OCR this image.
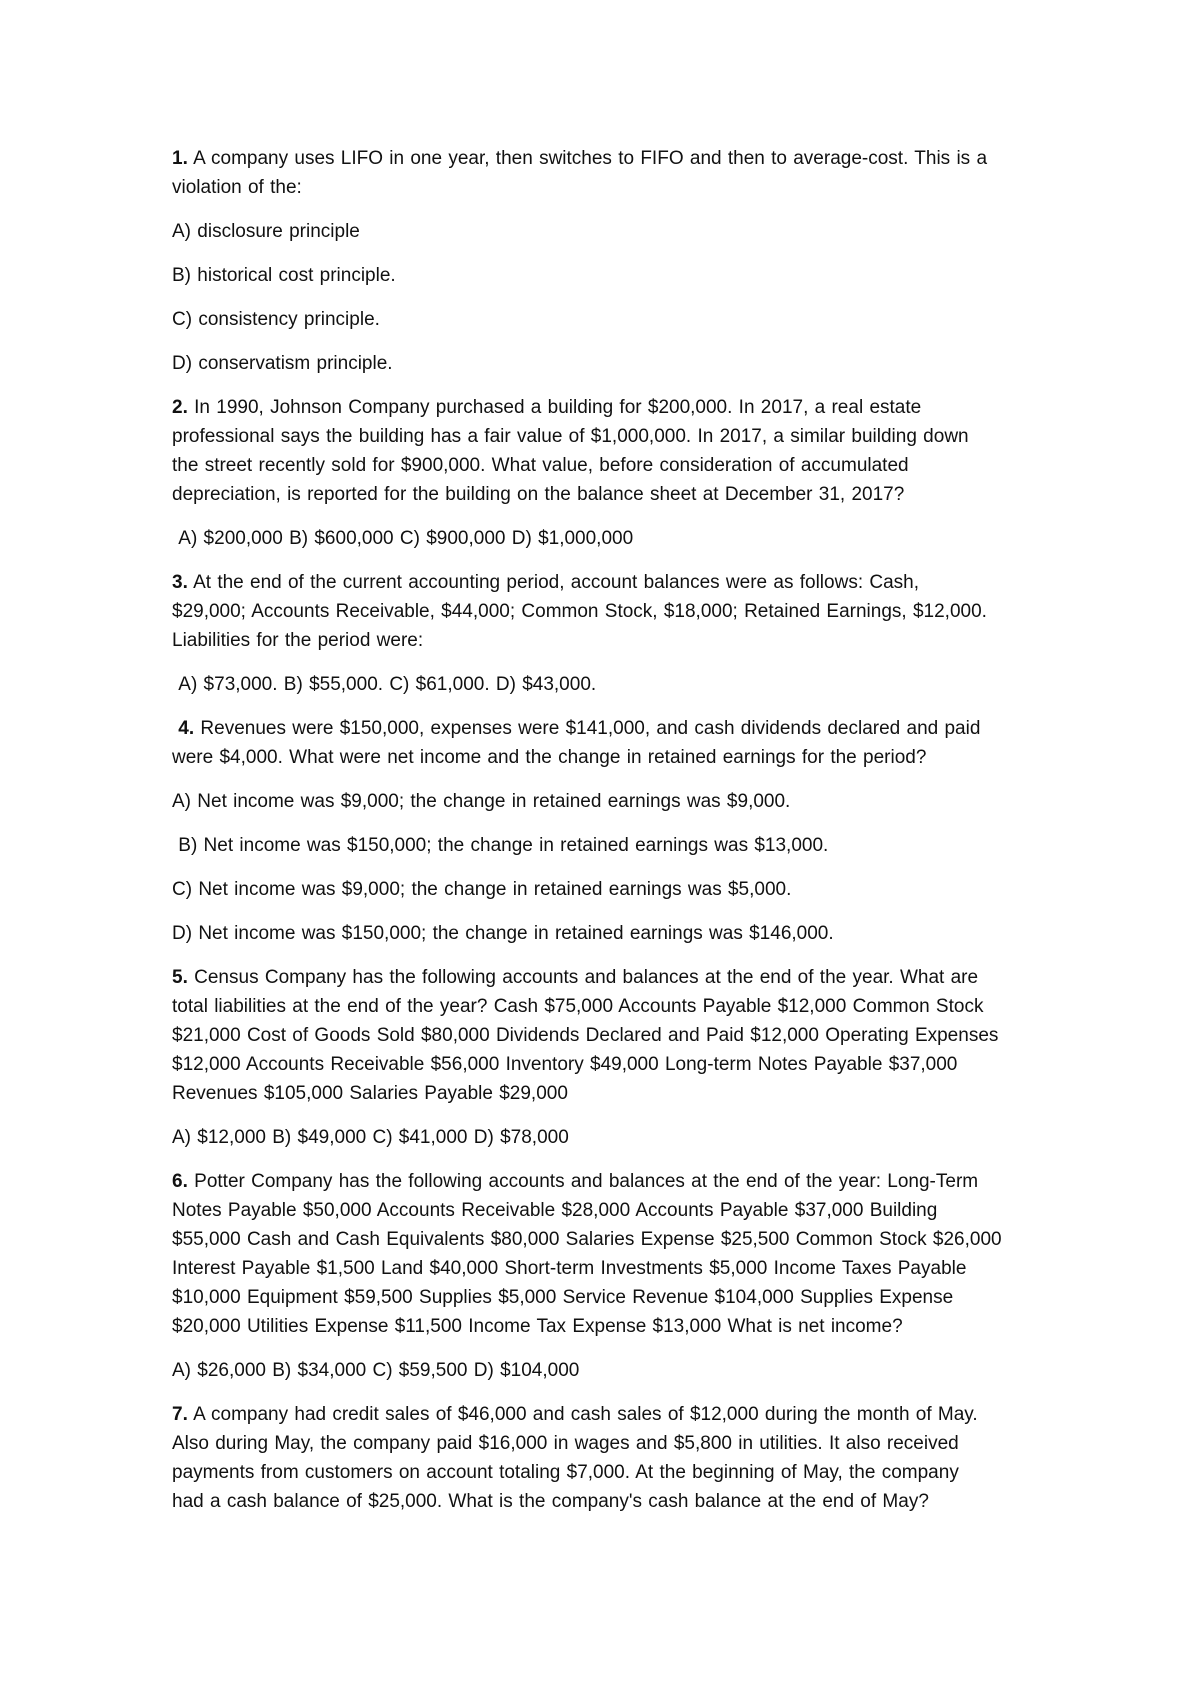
1. A company uses LIFO in one year, then switches to FIFO and then to average-cost. This is a
violation of the:
A) disclosure principle
B) historical cost principle.
C) consistency principle.
D) conservatism principle.
2. In 1990, Johnson Company purchased a building for $200,000. In 2017, a real estate
professional says the building has a fair value of $1,000,000. In 2017, a similar building down
the street recently sold for $900,000. What value, before consideration of accumulated
depreciation, is reported for the building on the balance sheet at December 31, 2017?
A) $200,000 B) $600,000 C) $900,000 D) $1,000,000
3. At the end of the current accounting period, account balances were as follows: Cash,
$29,000; Accounts Receivable, $44,000; Common Stock, $18,000; Retained Earnings, $12,000.
Liabilities for the period were:
A) $73,000. B) $55,000. C) $61,000. D) $43,000.
4. Revenues were $150,000, expenses were $141,000, and cash dividends declared and paid
were $4,000. What were net income and the change in retained earnings for the period?
A) Net income was $9,000; the change in retained earnings was $9,000.
B) Net income was $150,000; the change in retained earnings was $13,000.
C) Net income was $9,000; the change in retained earnings was $5,000.
D) Net income was $150,000; the change in retained earnings was $146,000.
5. Census Company has the following accounts and balances at the end of the year. What are
total liabilities at the end of the year? Cash $75,000 Accounts Payable $12,000 Common Stock
$21,000 Cost of Goods Sold $80,000 Dividends Declared and Paid $12,000 Operating Expenses
$12,000 Accounts Receivable $56,000 Inventory $49,000 Long-term Notes Payable $37,000
Revenues $105,000 Salaries Payable $29,000
A) $12,000 B) $49,000 C) $41,000 D) $78,000
6. Potter Company has the following accounts and balances at the end of the year: Long-Term
Notes Payable $50,000 Accounts Receivable $28,000 Accounts Payable $37,000 Building
$55,000 Cash and Cash Equivalents $80,000 Salaries Expense $25,500 Common Stock $26,000
Interest Payable $1,500 Land $40,000 Short-term Investments $5,000 Income Taxes Payable
$10,000 Equipment $59,500 Supplies $5,000 Service Revenue $104,000 Supplies Expense
$20,000 Utilities Expense $11,500 Income Tax Expense $13,000 What is net income?
A) $26,000 B) $34,000 C) $59,500 D) $104,000
7. A company had credit sales of $46,000 and cash sales of $12,000 during the month of May.
Also during May, the company paid $16,000 in wages and $5,800 in utilities. It also received
payments from customers on account totaling $7,000. At the beginning of May, the company
had a cash balance of $25,000. What is the company's cash balance at the end of May?
